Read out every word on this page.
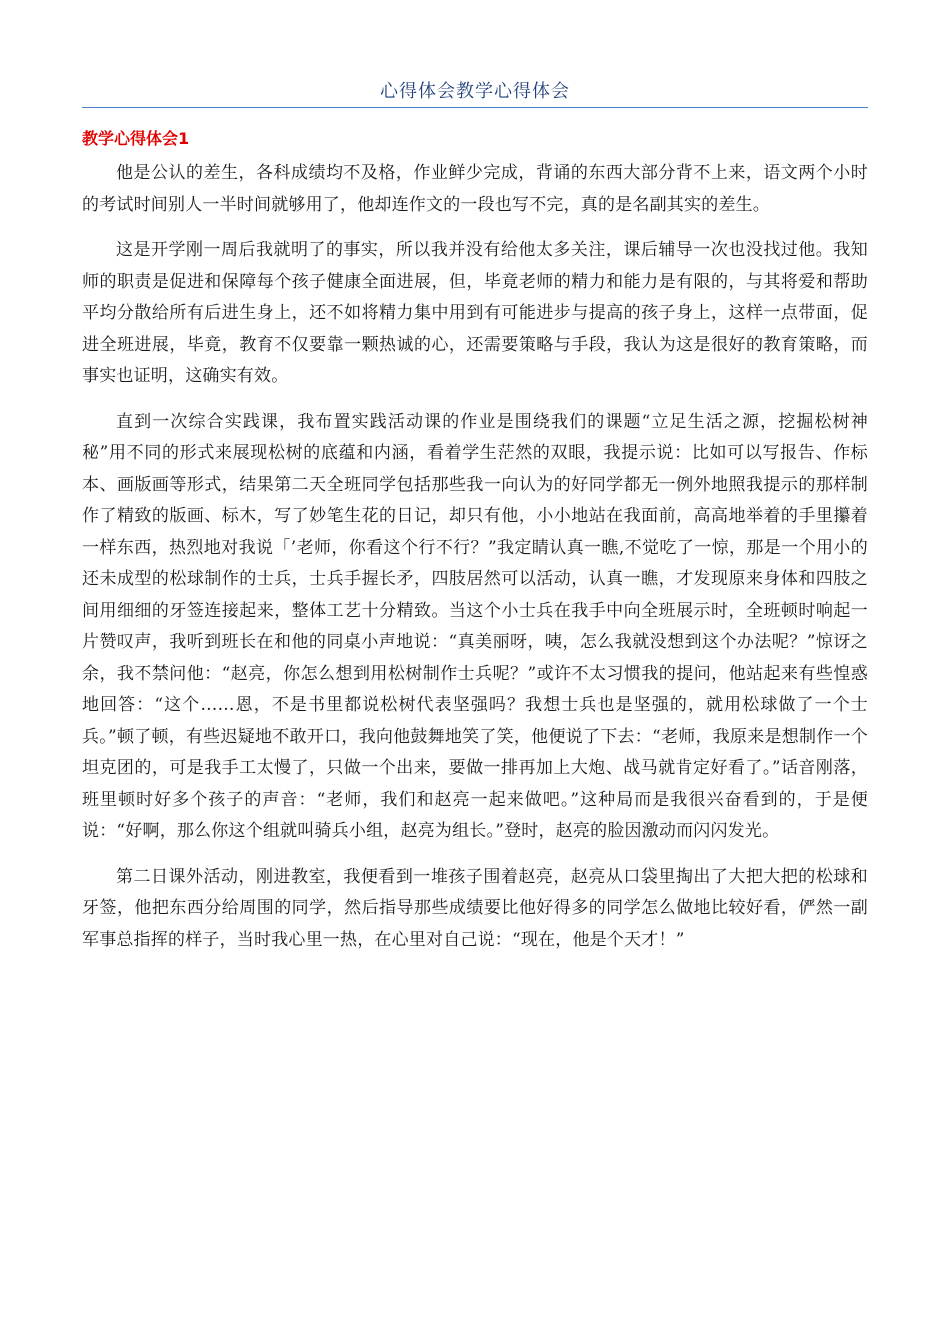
心得体会教学心得体会
教学心得体会1

他是公认的差生，各科成绩均不及格，作业鲜少完成，背诵的东西大部分背不上来，语文两个小时的考试时间别人一半时间就够用了，他却连作文的一段也写不完，真的是名副其实的差生。

这是开学刚一周后我就明了的事实，所以我并没有给他太多关注，课后辅导一次也没找过他。我知师的职责是促进和保障每个孩子健康全面进展，但，毕竟老师的精力和能力是有限的，与其将爱和帮助平均分散给所有后进生身上，还不如将精力集中用到有可能进步与提高的孩子身上，这样一点带面，促进全班进展，毕竟，教育不仅要靠一颗热诚的心，还需要策略与手段，我认为这是很好的教育策略，而事实也证明，这确实有效。

直到一次综合实践课，我布置实践活动课的作业是围绕我们的课题“立足生活之源，挖掘松树神秘”用不同的形式来展现松树的底蕴和内涵，看着学生茫然的双眼，我提示说：比如可以写报告、作标本、画版画等形式，结果第二天全班同学包括那些我一向认为的好同学都无一例外地照我提示的那样制作了精致的版画、标木，写了妙笔生花的日记，却只有他，小小地站在我面前，高高地举着的手里攥着一样东西，热烈地对我说「’老师，你看这个行不行？”我定睛认真一瞧,不觉吃了一惊，那是一个用小的还未成型的松球制作的士兵，士兵手握长矛，四肢居然可以活动，认真一瞧，才发现原来身体和四肢之间用细细的牙签连接起来，整体工艺十分精致。当这个小士兵在我手中向全班展示时，全班顿时响起一片赞叹声，我听到班长在和他的同桌小声地说：“真美丽呀，咦，怎么我就没想到这个办法呢？”惊讶之余，我不禁问他：“赵亮，你怎么想到用松树制作士兵呢？”或许不太习惯我的提问，他站起来有些惶惑地回答：“这个……恩，不是书里都说松树代表坚强吗？我想士兵也是坚强的，就用松球做了一个士兵。”顿了顿，有些迟疑地不敢开口，我向他鼓舞地笑了笑，他便说了下去：“老师，我原来是想制作一个坦克团的，可是我手工太慢了，只做一个出来，要做一排再加上大炮、战马就肯定好看了。”话音刚落，班里顿时好多个孩子的声音：“老师，我们和赵亮一起来做吧。”这种局而是我很兴奋看到的，于是便说：“好啊，那么你这个组就叫骑兵小组，赵亮为组长。”登时，赵亮的脸因激动而闪闪发光。

第二日课外活动，刚进教室，我便看到一堆孩子围着赵亮，赵亮从口袋里掏出了大把大把的松球和牙签，他把东西分给周围的同学，然后指导那些成绩要比他好得多的同学怎么做地比较好看，俨然一副军事总指挥的样子，当时我心里一热，在心里对自己说：“现在，他是个天才！”
